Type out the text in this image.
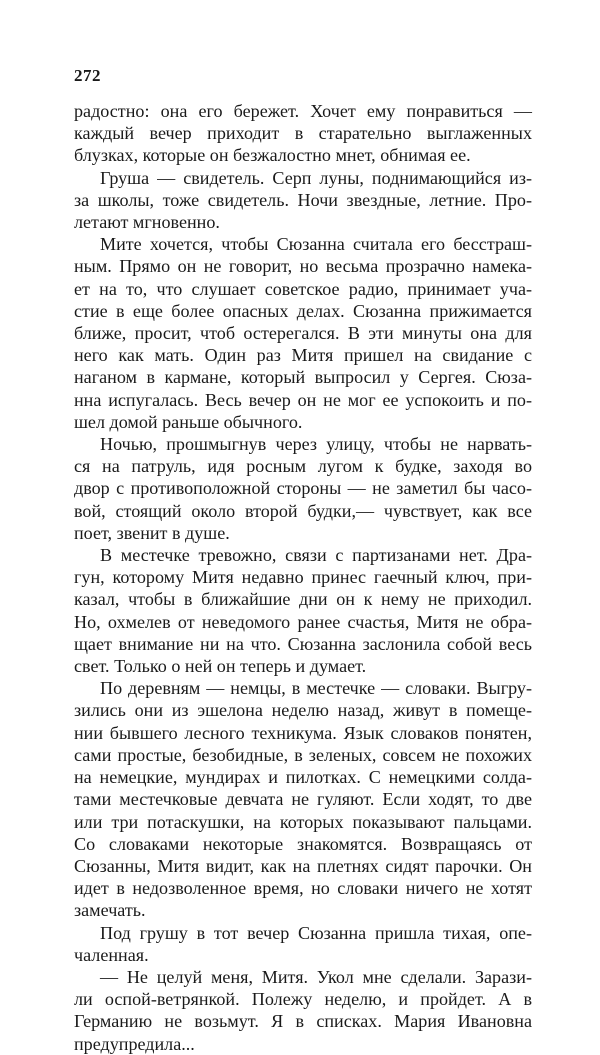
272
радостно: она его бережет. Хочет ему понравиться —
каждый вечер приходит в старательно выглаженных
блузках, которые он безжалостно мнет, обнимая ее.
Груша — свидетель. Серп луны, поднимающийся из-
за школы, тоже свидетель. Ночи звездные, летние. Про-
летают мгновенно.
Мите хочется, чтобы Сюзанна считала его бесстраш-
ным. Прямо он не говорит, но весьма прозрачно намека-
ет на то, что слушает советское радио, принимает уча-
стие в еще более опасных делах. Сюзанна прижимается
ближе, просит, чтоб остерегался. В эти минуты она для
него как мать. Один раз Митя пришел на свидание с
наганом в кармане, который выпросил у Сергея. Сюза-
нна испугалась. Весь вечер он не мог ее успокоить и по-
шел домой раньше обычного.
Ночью, прошмыгнув через улицу, чтобы не нарвать-
ся на патруль, идя росным лугом к будке, заходя во
двор с противоположной стороны — не заметил бы часо-
вой, стоящий около второй будки,— чувствует, как все
поет, звенит в душе.
В местечке тревожно, связи с партизанами нет. Дра-
гун, которому Митя недавно принес гаечный ключ, при-
казал, чтобы в ближайшие дни он к нему не приходил.
Но, охмелев от неведомого ранее счастья, Митя не обра-
щает внимание ни на что. Сюзанна заслонила собой весь
свет. Только о ней он теперь и думает.
По деревням — немцы, в местечке — словаки. Выгру-
зились они из эшелона неделю назад, живут в помеще-
нии бывшего лесного техникума. Язык словаков понятен,
сами простые, безобидные, в зеленых, совсем не похожих
на немецкие, мундирах и пилотках. С немецкими солда-
тами местечковые девчата не гуляют. Если ходят, то две
или три потаскушки, на которых показывают пальцами.
Со словаками некоторые знакомятся. Возвращаясь от
Сюзанны, Митя видит, как на плетнях сидят парочки. Он
идет в недозволенное время, но словаки ничего не хотят
замечать.
Под грушу в тот вечер Сюзанна пришла тихая, опе-
чаленная.
— Не целуй меня, Митя. Укол мне сделали. Зарази-
ли оспой-ветрянкой. Полежу неделю, и пройдет. А в
Германию не возьмут. Я в списках. Мария Ивановна
предупредила...
